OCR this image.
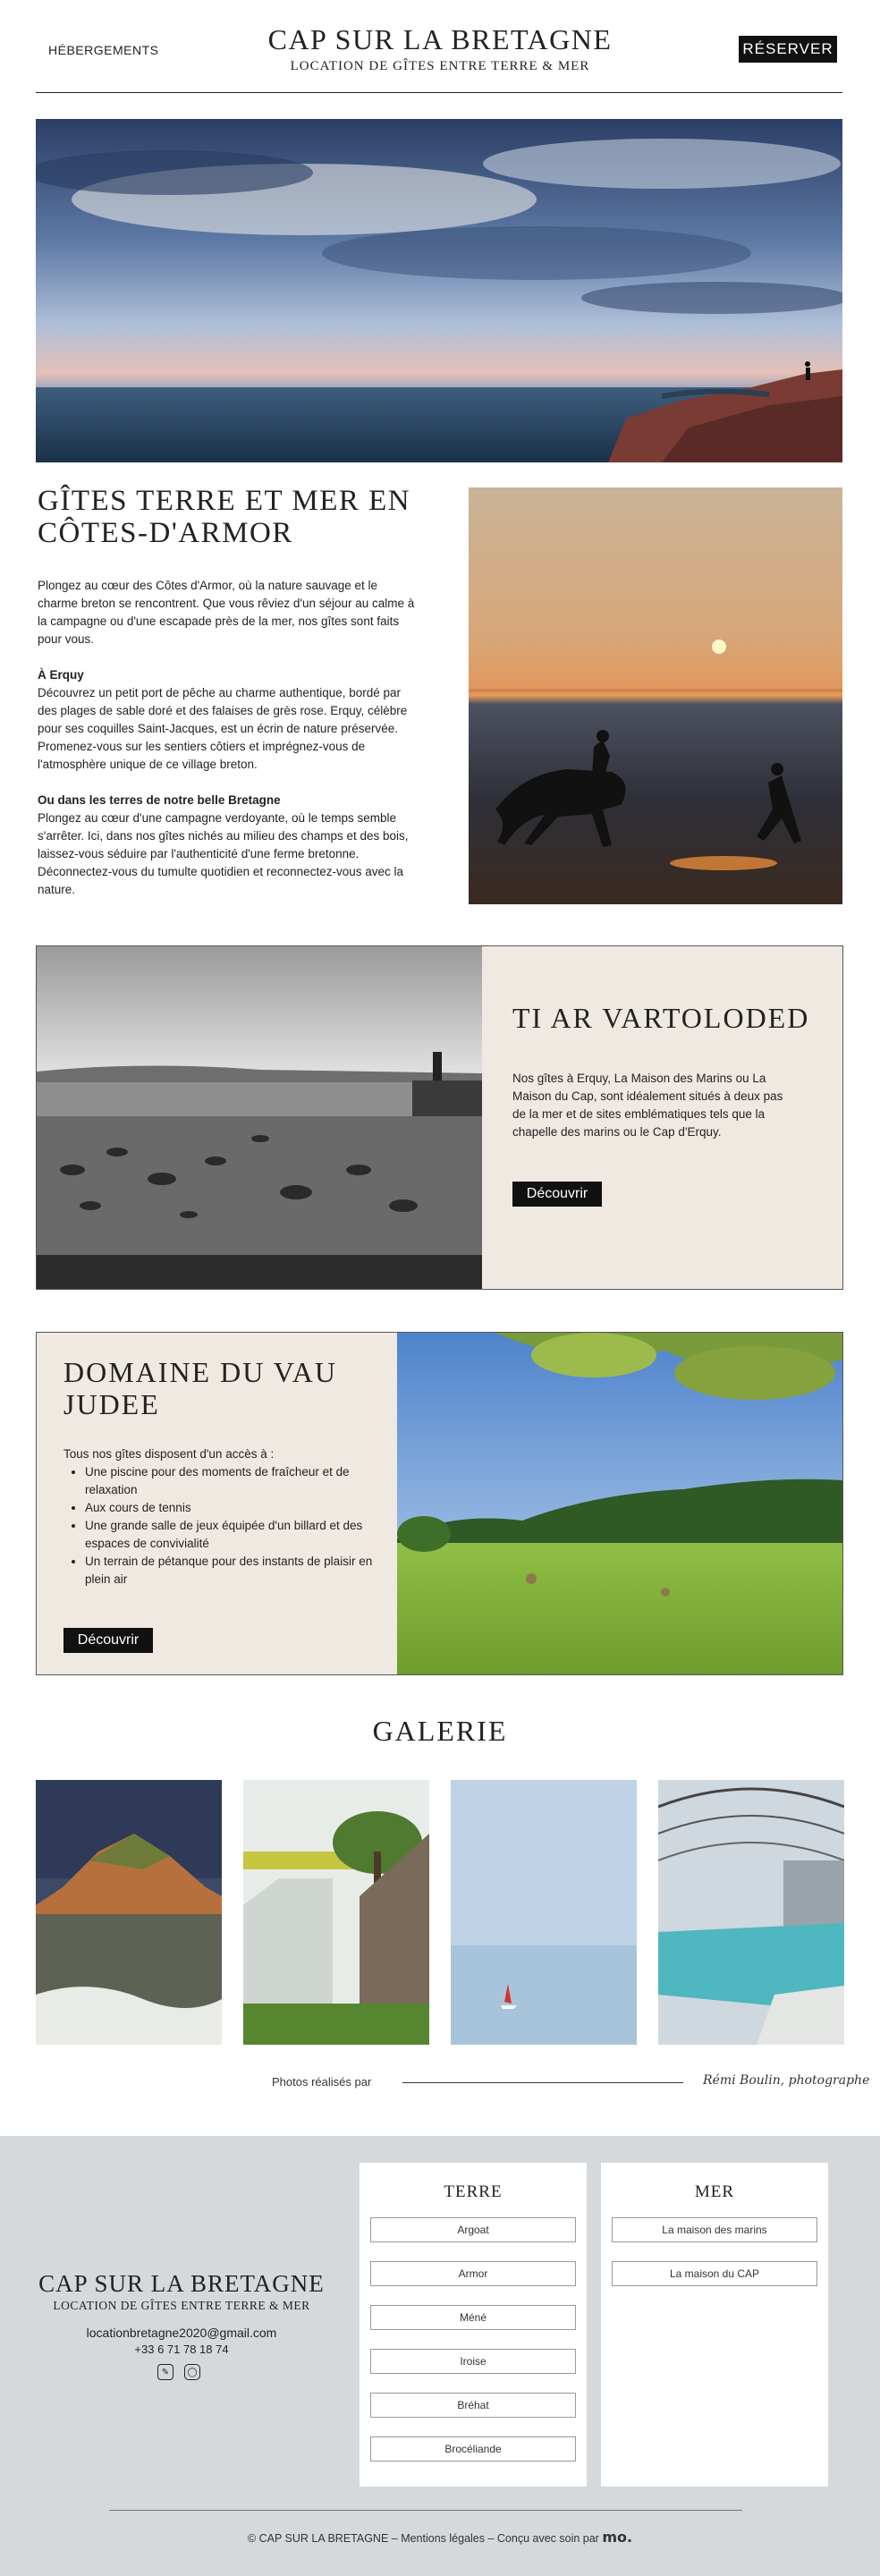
HÉBERGEMENTS	CAP SUR LA BRETAGNE
LOCATION DE GÎTES ENTRE TERRE & MER
RÉSERVER
GÎTES TERRE ET MER EN CÔTES-D'ARMOR

Plongez au cœur des Côtes d'Armor, où la nature sauvage et le charme breton se rencontrent. Que vous rêviez d'un séjour au calme à la campagne ou d'une escapade près de la mer, nos gîtes sont faits pour vous.

À Erquy
Découvrez un petit port de pêche au charme authentique, bordé par des plages de sable doré et des falaises de grès rose. Erquy, célèbre pour ses coquilles Saint-Jacques, est un écrin de nature préservée. Promenez-vous sur les sentiers côtiers et imprégnez-vous de l'atmosphère unique de ce village breton.

Ou dans les terres de notre belle Bretagne
Plongez au cœur d'une campagne verdoyante, où le temps semble s'arrêter. Ici, dans nos gîtes nichés au milieu des champs et des bois, laissez-vous séduire par l'authenticité d'une ferme bretonne. Déconnectez-vous du tumulte quotidien et reconnectez-vous avec la nature.

TI AR VARTOLODED
Nos gîtes à Erquy, La Maison des Marins ou La Maison du Cap, sont idéalement situés à deux pas de la mer et de sites emblématiques tels que la chapelle des marins ou le Cap d'Erquy.
Découvrir
DOMAINE DU VAU JUDEE
Tous nos gîtes disposent d'un accès à :
• Une piscine pour des moments de fraîcheur et de relaxation
• Aux cours de tennis
• Une grande salle de jeux équipée d'un billard et des espaces de convivialité
• Un terrain de pétanque pour des instants de plaisir en plein air
Découvrir
GALERIE
Photos réalisés par	Rémi Boulin, photographe
CAP SUR LA BRETAGNE
LOCATION DE GÎTES ENTRE TERRE & MER
locationbretagne2020@gmail.com
+33 6 71 78 18 74
✎	◯
TERRE
Argoat
Armor
Méné
Iroise
Bréhat
Brocéliande
MER
La maison des marins
La maison du CAP
© CAP SUR LA BRETAGNE – Mentions légales – Conçu avec soin par mo.
